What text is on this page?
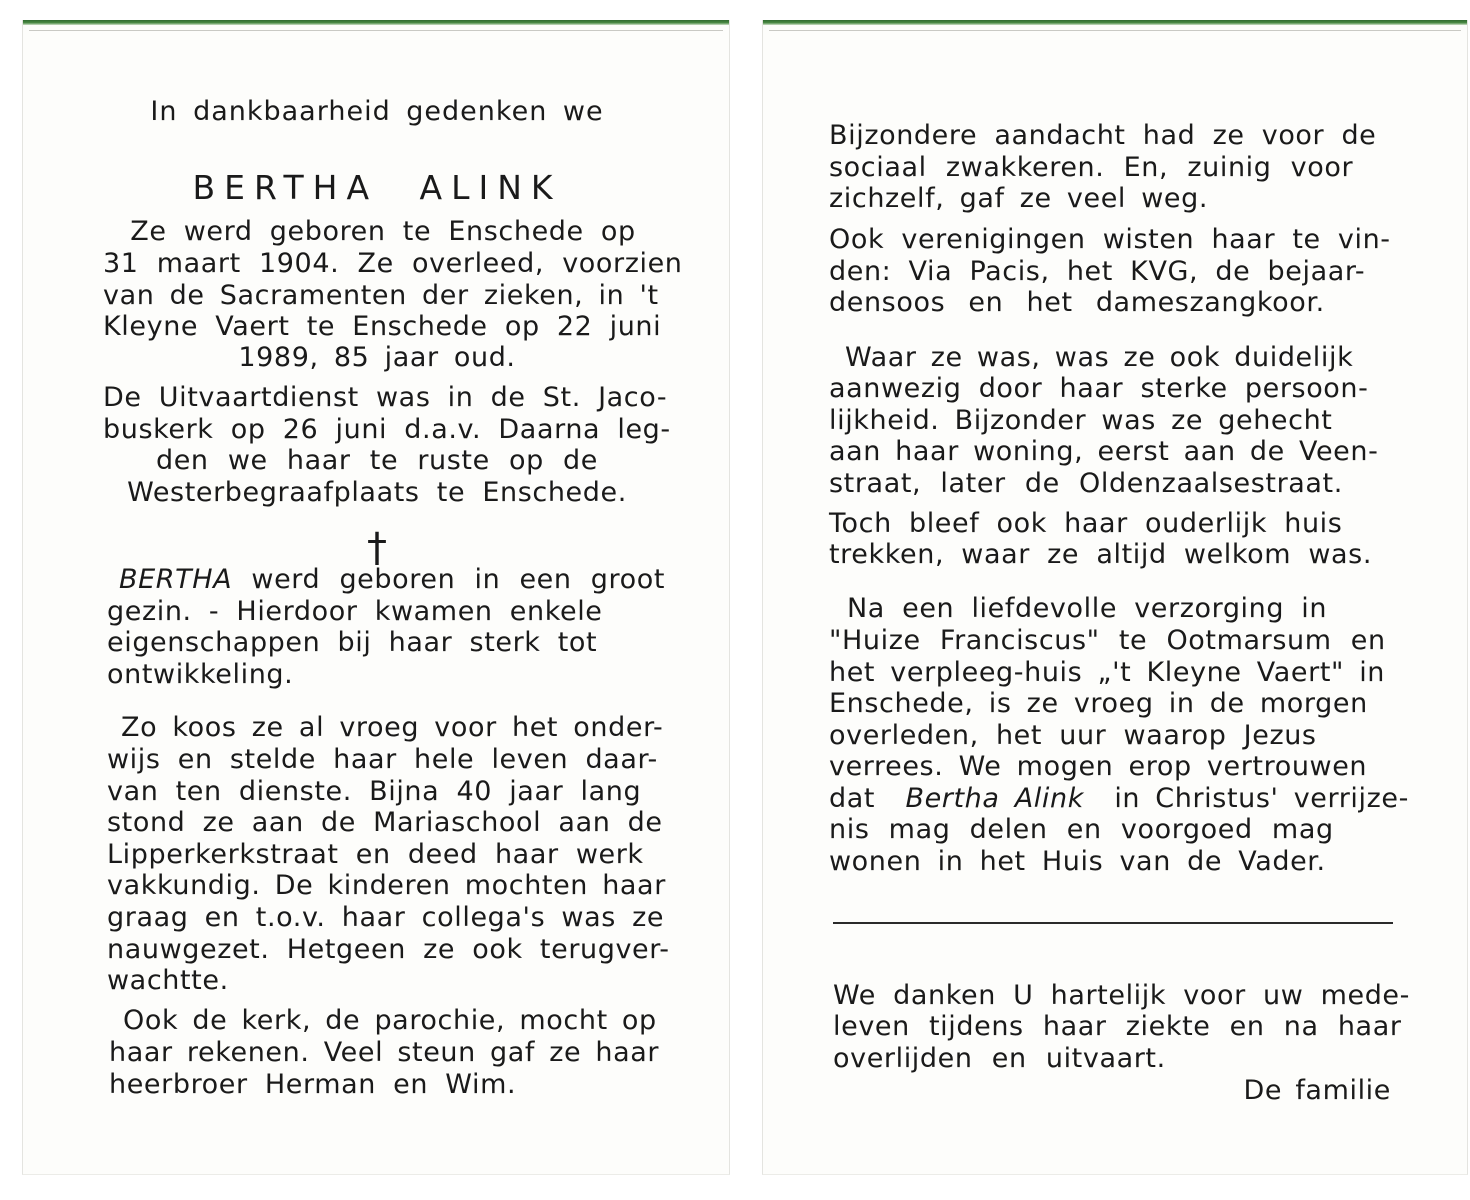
In dankbaarheid gedenken we
BERTHA ALINK
Ze werd geboren te Enschede op
31 maart 1904. Ze overleed, voorzien
van de Sacramenten der zieken, in 't
Kleyne Vaert te Enschede op 22 juni
1989, 85 jaar oud.
De Uitvaartdienst was in de St. Jaco-
buskerk op 26 juni d.a.v. Daarna leg-
den we haar te ruste op de
Westerbegraafplaats te Enschede.
†
BERTHA werd geboren in een groot
gezin. - Hierdoor kwamen enkele
eigenschappen bij haar sterk tot
ontwikkeling.
Zo koos ze al vroeg voor het onder-
wijs en stelde haar hele leven daar-
van ten dienste. Bijna 40 jaar lang
stond ze aan de Mariaschool aan de
Lipperkerkstraat en deed haar werk
vakkundig. De kinderen mochten haar
graag en t.o.v. haar collega's was ze
nauwgezet. Hetgeen ze ook terugver-
wachtte.
Ook de kerk, de parochie, mocht op
haar rekenen. Veel steun gaf ze haar
heerbroer Herman en Wim.
Bijzondere aandacht had ze voor de
sociaal zwakkeren. En, zuinig voor
zichzelf, gaf ze veel weg.
Ook verenigingen wisten haar te vin-
den: Via Pacis, het KVG, de bejaar-
densoos en het dameszangkoor.
Waar ze was, was ze ook duidelijk
aanwezig door haar sterke persoon-
lijkheid. Bijzonder was ze gehecht
aan haar woning, eerst aan de Veen-
straat, later de Oldenzaalsestraat.
Toch bleef ook haar ouderlijk huis
trekken, waar ze altijd welkom was.
Na een liefdevolle verzorging in
"Huize Franciscus" te Ootmarsum en
het verpleeg-huis „'t Kleyne Vaert" in
Enschede, is ze vroeg in de morgen
overleden, het uur waarop Jezus
verrees. We mogen erop vertrouwen
dat Bertha Alink in Christus' verrijze-
nis mag delen en voorgoed mag
wonen in het Huis van de Vader.
We danken U hartelijk voor uw mede-
leven tijdens haar ziekte en na haar
overlijden en uitvaart.
De familie
